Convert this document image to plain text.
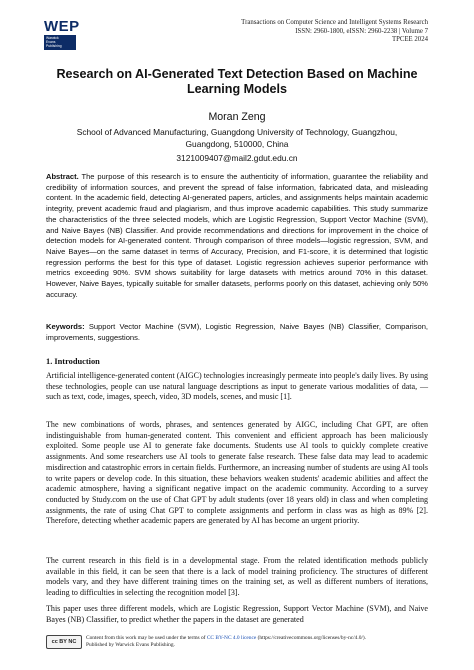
WEP
Warwick
Evans
Publishing
Transactions on Computer Science and Intelligent Systems Research
ISSN: 2960-1800, eISSN: 2960-2238 | Volume 7
TPCEE 2024
Research on AI-Generated Text Detection Based on Machine Learning Models
Moran Zeng
School of Advanced Manufacturing, Guangdong University of Technology, Guangzhou,
Guangdong, 510000, China
3121009407@mail2.gdut.edu.cn
Abstract. The purpose of this research is to ensure the authenticity of information, guarantee the reliability and credibility of information sources, and prevent the spread of false information, fabricated data, and misleading content. In the academic field, detecting AI-generated papers, articles, and assignments helps maintain academic integrity, prevent academic fraud and plagiarism, and thus improve academic capabilities. This study summarize the characteristics of the three selected models, which are Logistic Regression, Support Vector Machine (SVM), and Naive Bayes (NB) Classifier. And provide recommendations and directions for improvement in the choice of detection models for AI-generated content. Through comparison of three models—logistic regression, SVM, and Naive Bayes—on the same dataset in terms of Accuracy, Precision, and F1-score, it is determined that logistic regression performs the best for this type of dataset. Logistic regression achieves superior performance with metrics exceeding 90%. SVM shows suitability for large datasets with metrics around 70% in this dataset. However, Naive Bayes, typically suitable for smaller datasets, performs poorly on this dataset, achieving only 50% accuracy.
Keywords: Support Vector Machine (SVM), Logistic Regression, Naive Bayes (NB) Classifier, Comparison, improvements, suggestions.
1. Introduction
Artificial intelligence-generated content (AIGC) technologies increasingly permeate into people's daily lives. By using these technologies, people can use natural language descriptions as input to generate various modalities of data, —such as text, code, images, speech, video, 3D models, scenes, and music [1].
The new combinations of words, phrases, and sentences generated by AIGC, including Chat GPT, are often indistinguishable from human-generated content. This convenient and efficient approach has been maliciously exploited. Some people use AI to generate fake documents. Students use AI tools to quickly complete creative assignments. And some researchers use AI tools to generate false research. These false data may lead to academic misdirection and catastrophic errors in certain fields. Furthermore, an increasing number of students are using AI tools to write papers or develop code. In this situation, these behaviors weaken students' academic abilities and affect the academic atmosphere, having a significant negative impact on the academic community. According to a survey conducted by Study.com on the use of Chat GPT by adult students (over 18 years old) in class and when completing assignments, the rate of using Chat GPT to complete assignments and perform in class was as high as 89% [2]. Therefore, detecting whether academic papers are generated by AI has become an urgent priority.
The current research in this field is in a developmental stage. From the related identification methods publicly available in this field, it can be seen that there is a lack of model training proficiency. The structures of different models vary, and they have different training times on the training set, as well as different numbers of iterations, leading to difficulties in selecting the recognition model [3].
This paper uses three different models, which are Logistic Regression, Support Vector Machine (SVM), and Naive Bayes (NB) Classifier, to predict whether the papers in the dataset are generated
cc BY NC
Content from this work may be used under the terms of CC BY-NC 4.0 licence (https://creativecommons.org/licenses/by-nc/4.0/).
Published by Warwick Evans Publishing.
